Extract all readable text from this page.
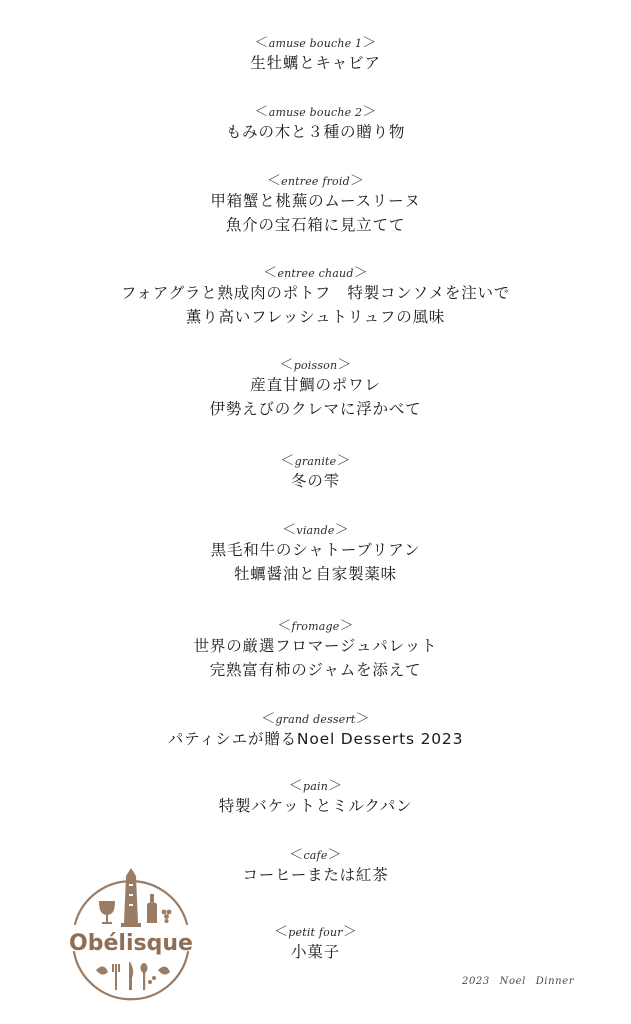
＜amuse bouche 1＞
生牡蠣とキャビア
＜amuse bouche 2＞
もみの木と３種の贈り物
＜entree froid＞
甲箱蟹と桃蕪のムースリーヌ
魚介の宝石箱に見立てて
＜entree chaud＞
フォアグラと熟成肉のポトフ　特製コンソメを注いで
薫り高いフレッシュトリュフの風味
＜poisson＞
産直甘鯛のポワレ
伊勢えびのクレマに浮かべて
＜granite＞
冬の雫
＜viande＞
黒毛和牛のシャトーブリアン
牡蠣醤油と自家製薬味
＜fromage＞
世界の厳選フロマージュパレット
完熟富有柿のジャムを添えて
＜grand dessert＞
パティシエが贈るNoel Desserts 2023
＜pain＞
特製バケットとミルクパン
＜cafe＞
コーヒーまたは紅茶
＜petit four＞
小菓子
Obélisque
2023 Noel Dinner
